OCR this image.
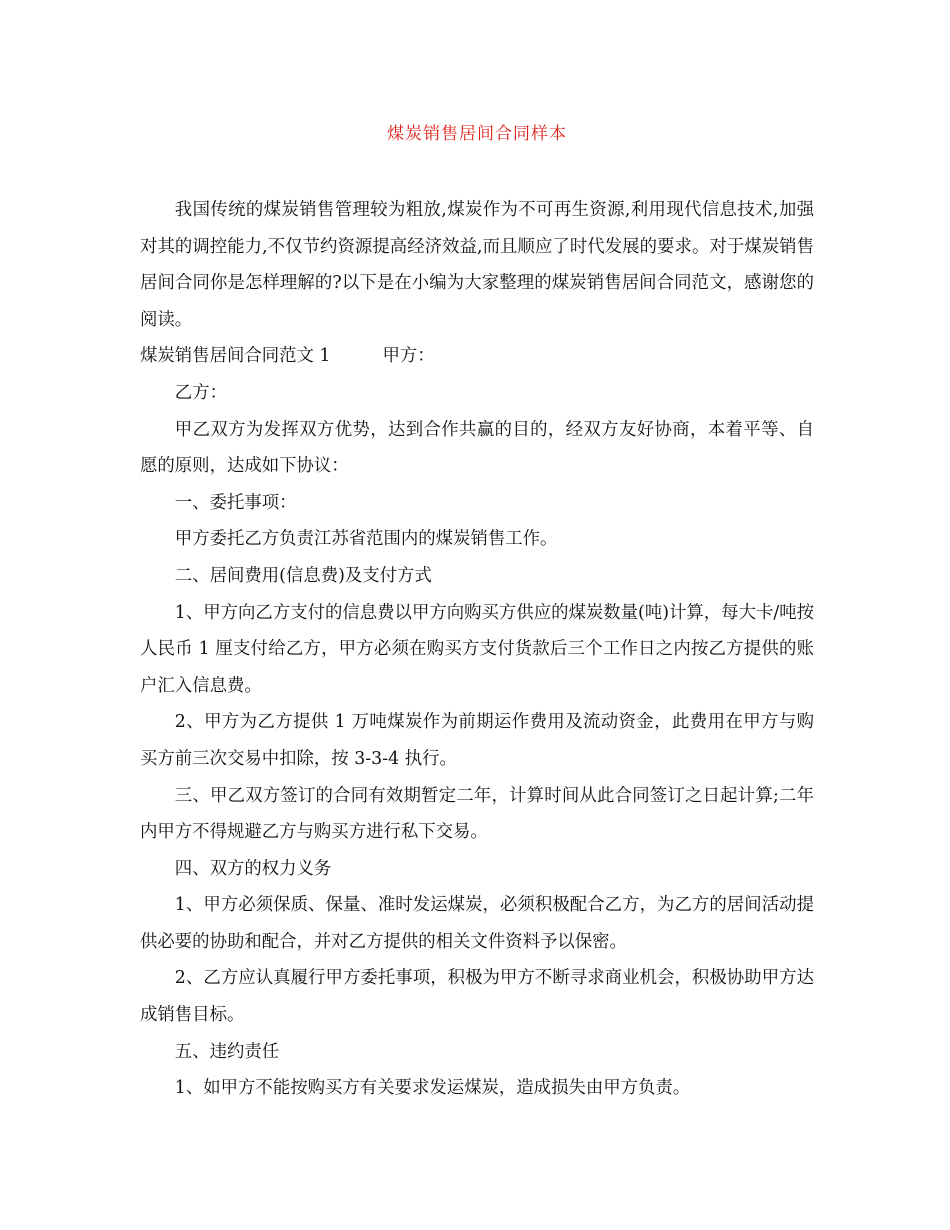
煤炭销售居间合同样本

我国传统的煤炭销售管理较为粗放,煤炭作为不可再生资源,利用现代信息技术,加强对其的调控能力,不仅节约资源提高经济效益,而且顺应了时代发展的要求。对于煤炭销售居间合同你是怎样理解的?以下是在小编为大家整理的煤炭销售居间合同范文，感谢您的阅读。

煤炭销售居间合同范文 1	甲方：

乙方：

甲乙双方为发挥双方优势，达到合作共赢的目的，经双方友好协商，本着平等、自愿的原则，达成如下协议：

一、委托事项：

甲方委托乙方负责江苏省范围内的煤炭销售工作。

二、居间费用(信息费)及支付方式

1、甲方向乙方支付的信息费以甲方向购买方供应的煤炭数量(吨)计算，每大卡/吨按人民币 1 厘支付给乙方，甲方必须在购买方支付货款后三个工作日之内按乙方提供的账户汇入信息费。

2、甲方为乙方提供 1 万吨煤炭作为前期运作费用及流动资金，此费用在甲方与购买方前三次交易中扣除，按 3-3-4 执行。

三、甲乙双方签订的合同有效期暂定二年，计算时间从此合同签订之日起计算;二年内甲方不得规避乙方与购买方进行私下交易。

四、双方的权力义务

1、甲方必须保质、保量、准时发运煤炭，必须积极配合乙方，为乙方的居间活动提供必要的协助和配合，并对乙方提供的相关文件资料予以保密。

2、乙方应认真履行甲方委托事项，积极为甲方不断寻求商业机会，积极协助甲方达成销售目标。

五、违约责任

1、如甲方不能按购买方有关要求发运煤炭，造成损失由甲方负责。
